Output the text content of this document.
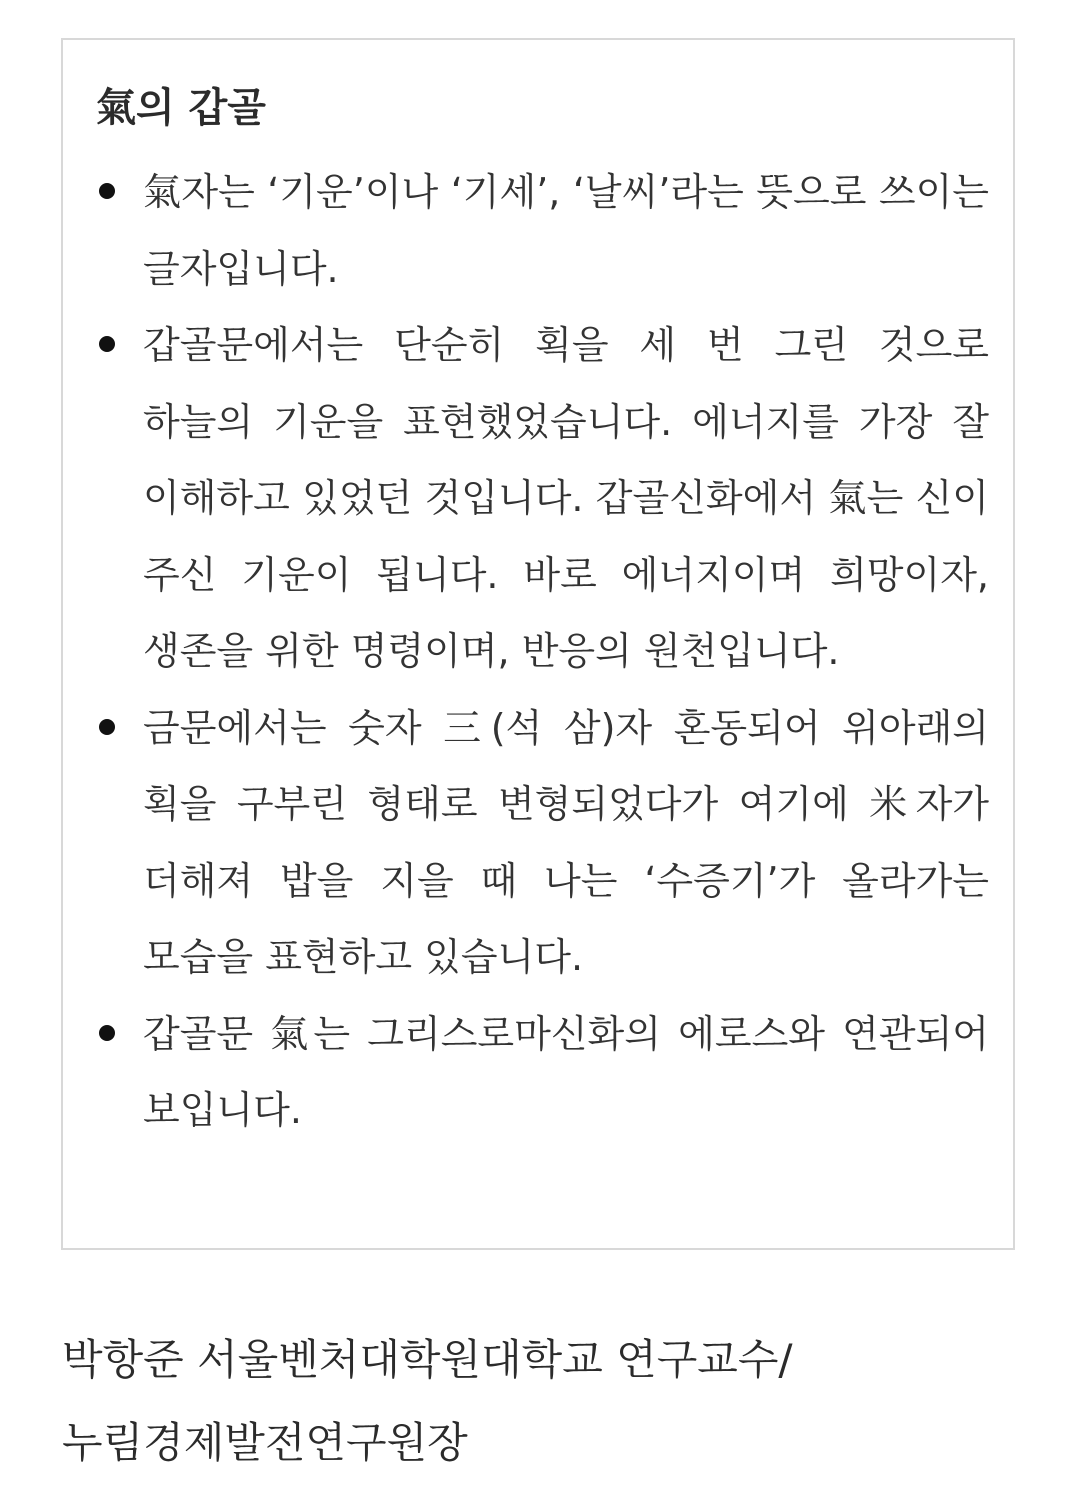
氣의 갑골
氣자는 ‘기운’이나 ‘기세’, ‘날씨’라는 뜻으로 쓰이는 글자입니다.
갑골문에서는 단순히 획을 세 번 그린 것으로 하늘의 기운을 표현했었습니다. 에너지를 가장 잘 이해하고 있었던 것입니다. 갑골신화에서 氣는 신이 주신 기운이 됩니다. 바로 에너지이며 희망이자, 생존을 위한 명령이며, 반응의 원천입니다.
금문에서는 숫자 三(석 삼)자 혼동되어 위아래의 획을 구부린 형태로 변형되었다가 여기에 米자가 더해져 밥을 지을 때 나는 ‘수증기’가 올라가는 모습을 표현하고 있습니다.
갑골문 氣는 그리스로마신화의 에로스와 연관되어 보입니다.

박항준 서울벤처대학원대학교 연구교수/누림경제발전연구원장
